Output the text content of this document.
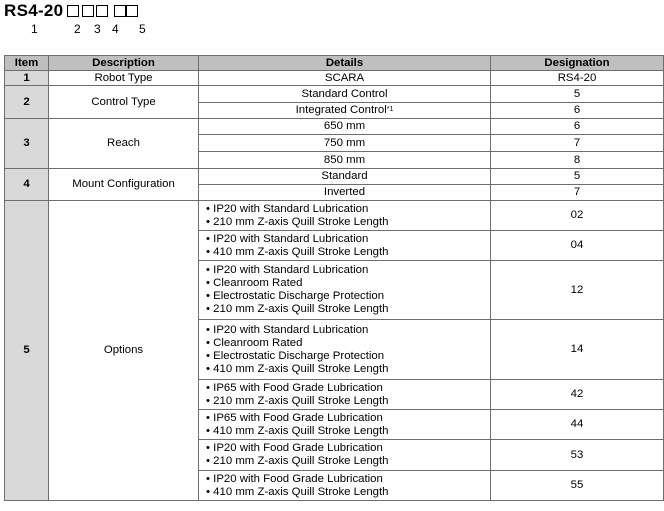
RS4-20
1	2 3 4 5
Item	Description	Details	Designation
1	Robot Type	SCARA	RS4-20
2	Control Type	Standard Control	5
		Integrated Control$^{*1}$	6
3	Reach	650 mm	6
		750 mm	7
		850 mm	8
4	Mount Configuration	Standard	5
		Inverted	7
5	Options	• IP20 with Standard Lubrication
• 210 mm Z-axis Quill Stroke Length	02

		• IP20 with Standard Lubrication
• 410 mm Z-axis Quill Stroke Length	04

		• IP20 with Standard Lubrication
• Cleanroom Rated
• Electrostatic Discharge Protection
• 210 mm Z-axis Quill Stroke Length	12

		• IP20 with Standard Lubrication
• Cleanroom Rated
• Electrostatic Discharge Protection
• 410 mm Z-axis Quill Stroke Length	14

		• IP65 with Food Grade Lubrication
• 210 mm Z-axis Quill Stroke Length	42

		• IP65 with Food Grade Lubrication
• 410 mm Z-axis Quill Stroke Length	44

		• IP20 with Food Grade Lubrication
• 210 mm Z-axis Quill Stroke Length	53

		• IP20 with Food Grade Lubrication
• 410 mm Z-axis Quill Stroke Length	55
